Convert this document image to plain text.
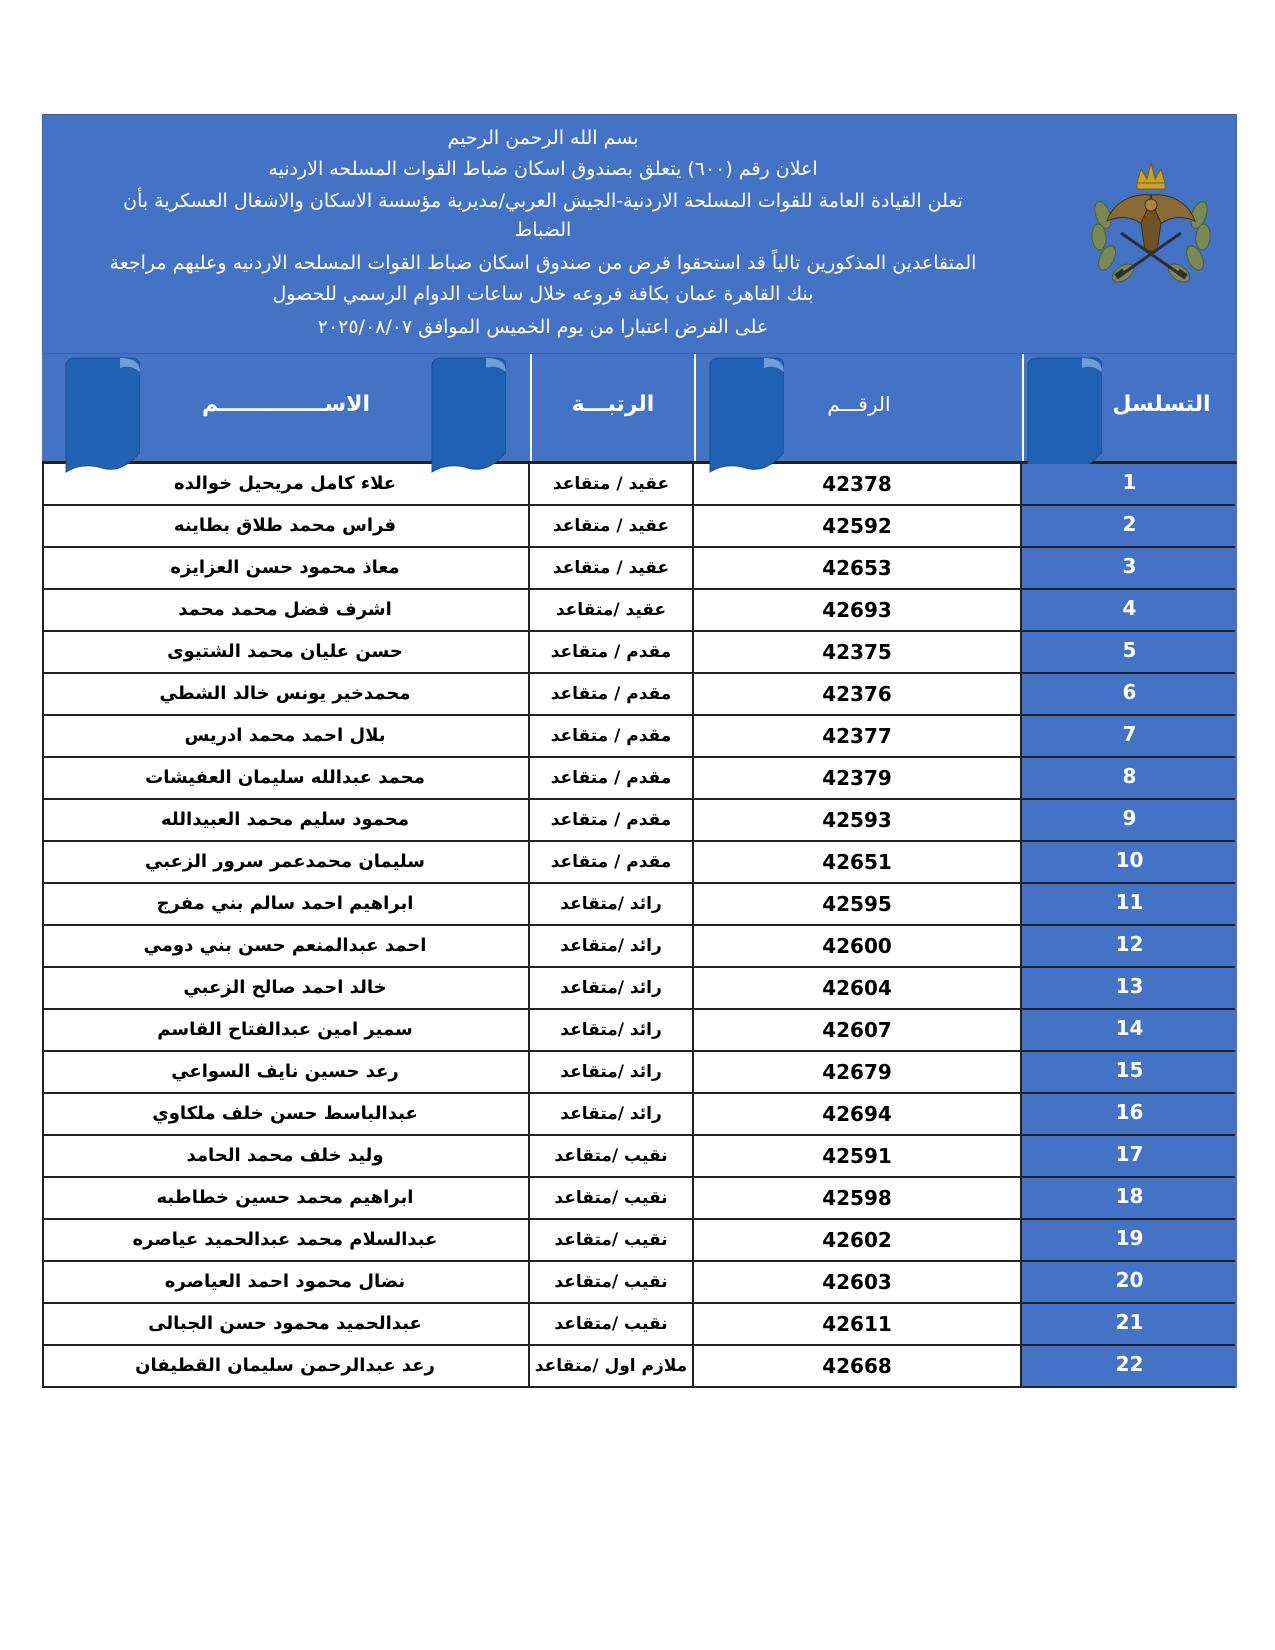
بسم الله الرحمن الرحيم
اعلان رقم (٦٠٠) يتعلق بصندوق اسكان ضباط القوات المسلحه الاردنيه
تعلن القيادة العامة للقوات المسلحة الاردنية-الجيش العربي/مديرية مؤسسة الاسكان والاشغال العسكرية بأن
الضباط
المتقاعدين المذكورين تالياً قد استحقوا قرض من صندوق اسكان ضباط القوات المسلحه الاردنيه وعليهم مراجعة
بنك القاهرة عمان بكافة فروعه خلال ساعات الدوام الرسمي للحصول
على القرض اعتبارا من يوم الخميس الموافق ٢٠٢٥/٠٨/٠٧
الاســــــــــــــم	الرتبـــة	الرقـــم	التسلسل
علاء كامل مريحيل خوالده	عقيد / متقاعد	42378	1
فراس محمد طلاق بطاينه	عقيد / متقاعد	42592	2
معاذ محمود حسن العزايزه	عقيد / متقاعد	42653	3
اشرف فضل محمد محمد	عقيد /متقاعد	42693	4
حسن عليان محمد الشتيوى	مقدم / متقاعد	42375	5
محمدخير يونس خالد الشطي	مقدم / متقاعد	42376	6
بلال احمد محمد ادريس	مقدم / متقاعد	42377	7
محمد عبدالله سليمان العفيشات	مقدم / متقاعد	42379	8
محمود سليم محمد العبيدالله	مقدم / متقاعد	42593	9
سليمان محمدعمر سرور الزعبي	مقدم / متقاعد	42651	10
ابراهيم احمد سالم بني مفرج	رائد /متقاعد	42595	11
احمد عبدالمنعم حسن بني دومي	رائد /متقاعد	42600	12
خالد احمد صالح الزعبي	رائد /متقاعد	42604	13
سمير امين عبدالفتاح القاسم	رائد /متقاعد	42607	14
رعد حسين نايف السواعي	رائد /متقاعد	42679	15
عبدالباسط حسن خلف ملكاوي	رائد /متقاعد	42694	16
وليد خلف محمد الحامد	نقيب /متقاعد	42591	17
ابراهيم محمد حسين خطاطبه	نقيب /متقاعد	42598	18
عبدالسلام محمد عبدالحميد عياصره	نقيب /متقاعد	42602	19
نضال محمود احمد العياصره	نقيب /متقاعد	42603	20
عبدالحميد محمود حسن الجبالى	نقيب /متقاعد	42611	21
رعد عبدالرحمن سليمان القطيفان	ملازم اول /متقاعد	42668	22
